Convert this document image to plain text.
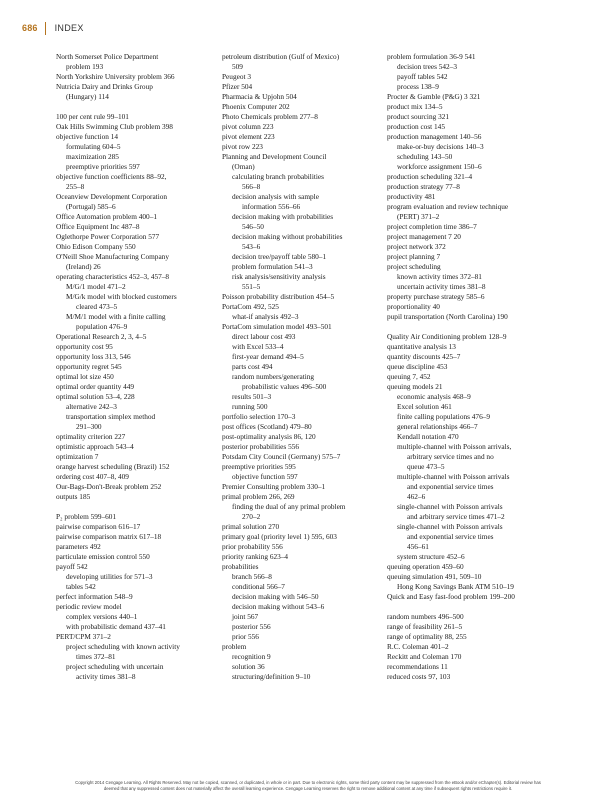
686 INDEX
North Somerset Police Department
problem 193
North Yorkshire University problem 366
Nutricia Dairy and Drinks Group
(Hungary) 114
100 per cent rule 99–101
Oak Hills Swimming Club problem 398
objective function 14
formulating 604–5
maximization 285
preemptive priorities 597
objective function coefficients 88–92,
255–8
Oceanview Development Corporation
(Portugal) 585–6
Office Automation problem 400–1
Office Equipment Inc 487–8
Oglethorpe Power Corporation 577
Ohio Edison Company 550
O'Neill Shoe Manufacturing Company
(Ireland) 26
operating characteristics 452–3, 457–8
M/G/1 model 471–2
M/G/k model with blocked customers
cleared 473–5
M/M/1 model with a finite calling
population 476–9
Operational Research 2, 3, 4–5
opportunity cost 95
opportunity loss 313, 546
opportunity regret 545
optimal lot size 450
optimal order quantity 449
optimal solution 53–4, 228
alternative 242–3
transportation simplex method
291–300
optimality criterion 227
optimistic approach 543–4
optimization 7
orange harvest scheduling (Brazil) 152
ordering cost 407–8, 409
Our-Bags-Don't-Break problem 252
outputs 185
P₂ problem 599–601
pairwise comparison 616–17
pairwise comparison matrix 617–18
parameters 492
particulate emission control 550
payoff 542
developing utilities for 571–3
tables 542
perfect information 548–9
periodic review model
complex versions 440–1
with probabilistic demand 437–41
PERT/CPM 371–2
project scheduling with known activity
times 372–81
project scheduling with uncertain
activity times 381–8
petroleum distribution (Gulf of Mexico)
509
Peugeot 3
Pfizer 504
Pharmacia & Upjohn 504
Phoenix Computer 202
Photo Chemicals problem 277–8
pivot column 223
pivot element 223
pivot row 223
Planning and Development Council
(Oman)
calculating branch probabilities
566–8
decision analysis with sample
information 556–66
decision making with probabilities
546–50
decision making without probabilities
543–6
decision tree/payoff table 580–1
problem formulation 541–3
risk analysis/sensitivity analysis
551–5
Poisson probability distribution 454–5
PortaCom 492, 525
what-if analysis 492–3
PortaCom simulation model 493–501
direct labour cost 493
with Excel 533–4
first-year demand 494–5
parts cost 494
random numbers/generating
probabilistic values 496–500
results 501–3
running 500
portfolio selection 170–3
post offices (Scotland) 479–80
post-optimality analysis 86, 120
posterior probabilities 556
Potsdam City Council (Germany) 575–7
preemptive priorities 595
objective function 597
Premier Consulting problem 330–1
primal problem 266, 269
finding the dual of any primal problem
270–2
primal solution 270
primary goal (priority level 1) 595, 603
prior probability 556
priority ranking 623–4
probabilities
branch 566–8
conditional 566–7
decision making with 546–50
decision making without 543–6
joint 567
posterior 556
prior 556
problem
recognition 9
solution 36
structuring/definition 9–10
problem formulation 36-9 541
decision trees 542–3
payoff tables 542
process 138–9
Procter & Gamble (P&G) 3 321
product mix 134–5
product sourcing 321
production cost 145
production management 140–56
make-or-buy decisions 140–3
scheduling 143–50
workforce assignment 150–6
production scheduling 321–4
production strategy 77–8
productivity 481
program evaluation and review technique
(PERT) 371–2
project completion time 386–7
project management 7 20
project network 372
project planning 7
project scheduling
known activity times 372–81
uncertain activity times 381–8
property purchase strategy 585–6
proportionality 40
pupil transportation (North Carolina) 190
Quality Air Conditioning problem 128–9
quantitative analysis 13
quantity discounts 425–7
queue discipline 453
queuing 7, 452
queuing models 21
economic analysis 468–9
Excel solution 461
finite calling populations 476–9
general relationships 466–7
Kendall notation 470
multiple-channel with Poisson arrivals,
arbitrary service times and no
queue 473–5
multiple-channel with Poisson arrivals
and exponential service times
462–6
single-channel with Poisson arrivals
and arbitrary service times 471–2
single-channel with Poisson arrivals
and exponential service times
456–61
system structure 452–6
queuing operation 459–60
queuing simulation 491, 509–10
Hong Kong Savings Bank ATM 510–19
Quick and Easy fast-food problem 199–200
random numbers 496–500
range of feasibility 261–5
range of optimality 88, 255
R.C. Coleman 401–2
Reckitt and Coleman 170
recommendations 11
reduced costs 97, 103
Copyright 2014 Cengage Learning. All Rights Reserved. May not be copied, scanned, or duplicated, in whole or in part. Due to electronic rights, some third party content may be suppressed from the eBook and/or eChapter(s). Editorial review has
deemed that any suppressed content does not materially affect the overall learning experience. Cengage Learning reserves the right to remove additional content at any time if subsequent rights restrictions require it.
